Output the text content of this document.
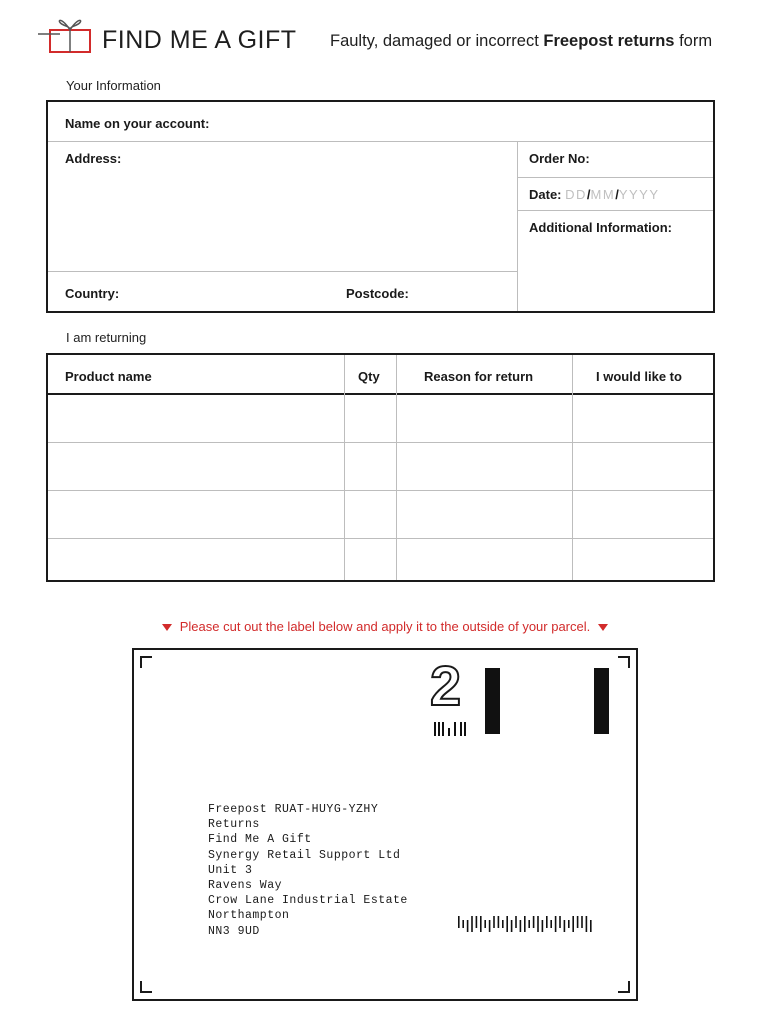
FIND ME A GIFT Faulty, damaged or incorrect Freepost returns form
Your Information
Name on your account:
Address:	Order No:
Date: DD/MM/YYYY
Additional Information:
Country:	Postcode:
I am returning
Product name	Qty	Reason for return	I would like to
Please cut out the label below and apply it to the outside of your parcel.
2
Freepost RUAT-HUYG-YZHY
Returns
Find Me A Gift
Synergy Retail Support Ltd
Unit 3
Ravens Way
Crow Lane Industrial Estate
Northampton
NN3 9UD
